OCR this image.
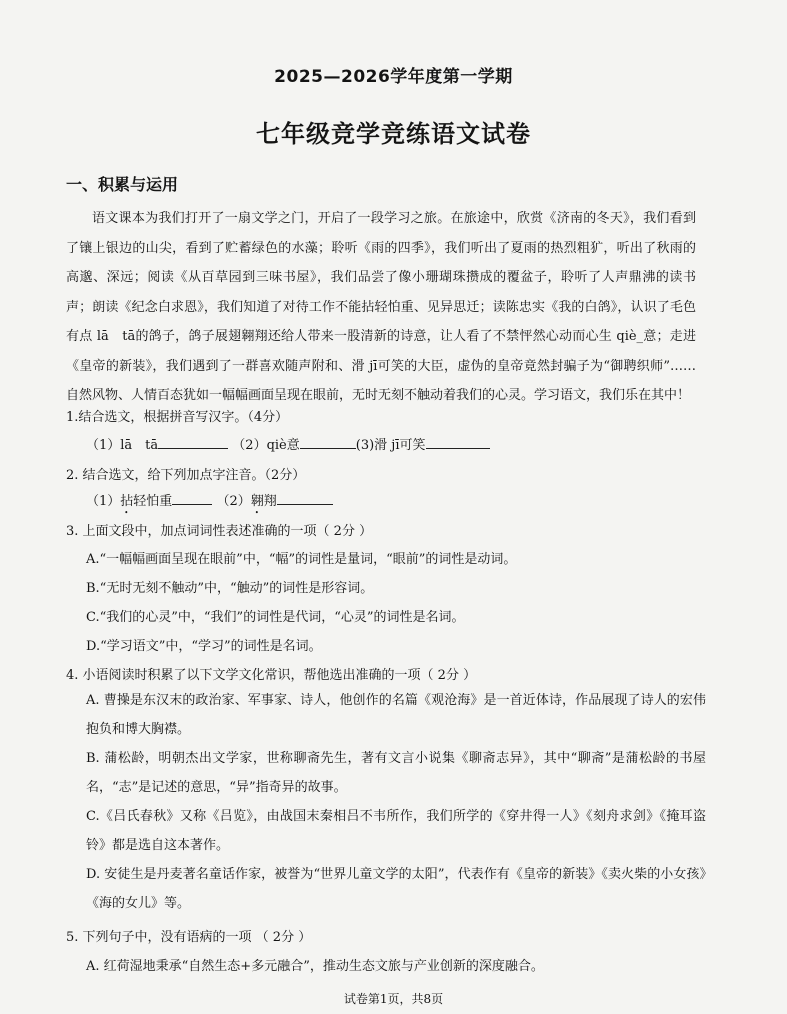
2025—2026学年度第一学期
七年级竞学竞练语文试卷
一、积累与运用
语文课本为我们打开了一扇文学之门，开启了一段学习之旅。在旅途中，欣赏《济南的冬天》，我们看到了镶上银边的山尖，看到了贮蓄绿色的水藻；聆听《雨的四季》，我们听出了夏雨的热烈粗犷，听出了秋雨的高邈、深远；阅读《从百草园到三味书屋》，我们品尝了像小珊瑚珠攒成的覆盆子，聆听了人声鼎沸的读书声；朗读《纪念白求恩》，我们知道了对待工作不能拈轻怕重、见异思迁；读陈忠实《我的白鸽》，认识了毛色有点 lā　tā的鸽子，鸽子展翅翱翔还给人带来一股清新的诗意，让人看了不禁怦然心动而心生 qiè_意；走进《皇帝的新装》，我们遇到了一群喜欢随声附和、滑 jī可笑的大臣，虚伪的皇帝竟然封骗子为“御聘织师”……自然风物、人情百态犹如一幅幅画面呈现在眼前，无时无刻不触动着我们的心灵。学习语文，我们乐在其中！
1.结合选文，根据拼音写汉字。（4分）
（1）lā　tā	（2）qiè意	(3)滑 jī可笑
2. 结合选文，给下列加点字注音。（2分）
（1）拈轻怕重	（2）翱翔
3. 上面文段中，加点词词性表述准确的一项（ 2分 ）
A.“一幅幅画面呈现在眼前”中，“幅”的词性是量词，“眼前”的词性是动词。
B.“无时无刻不触动”中，“触动”的词性是形容词。
C.“我们的心灵”中，“我们”的词性是代词，“心灵”的词性是名词。
D.“学习语文”中，“学习”的词性是名词。
4. 小语阅读时积累了以下文学文化常识，帮他选出准确的一项（ 2分 ）
A. 曹操是东汉末的政治家、军事家、诗人，他创作的名篇《观沧海》是一首近体诗，作品展现了诗人的宏伟抱负和博大胸襟。
B. 蒲松龄，明朝杰出文学家，世称聊斋先生，著有文言小说集《聊斋志异》，其中“聊斋”是蒲松龄的书屋名，“志”是记述的意思，“异”指奇异的故事。
C.《吕氏春秋》又称《吕览》，由战国末秦相吕不韦所作，我们所学的《穿井得一人》《刻舟求剑》《掩耳盗铃》都是选自这本著作。
D. 安徒生是丹麦著名童话作家，被誉为“世界儿童文学的太阳”，代表作有《皇帝的新装》《卖火柴的小女孩》《海的女儿》等。
5. 下列句子中，没有语病的一项 （ 2分 ）
A. 红荷湿地秉承“自然生态+多元融合”，推动生态文旅与产业创新的深度融合。
试卷第1页，共8页
